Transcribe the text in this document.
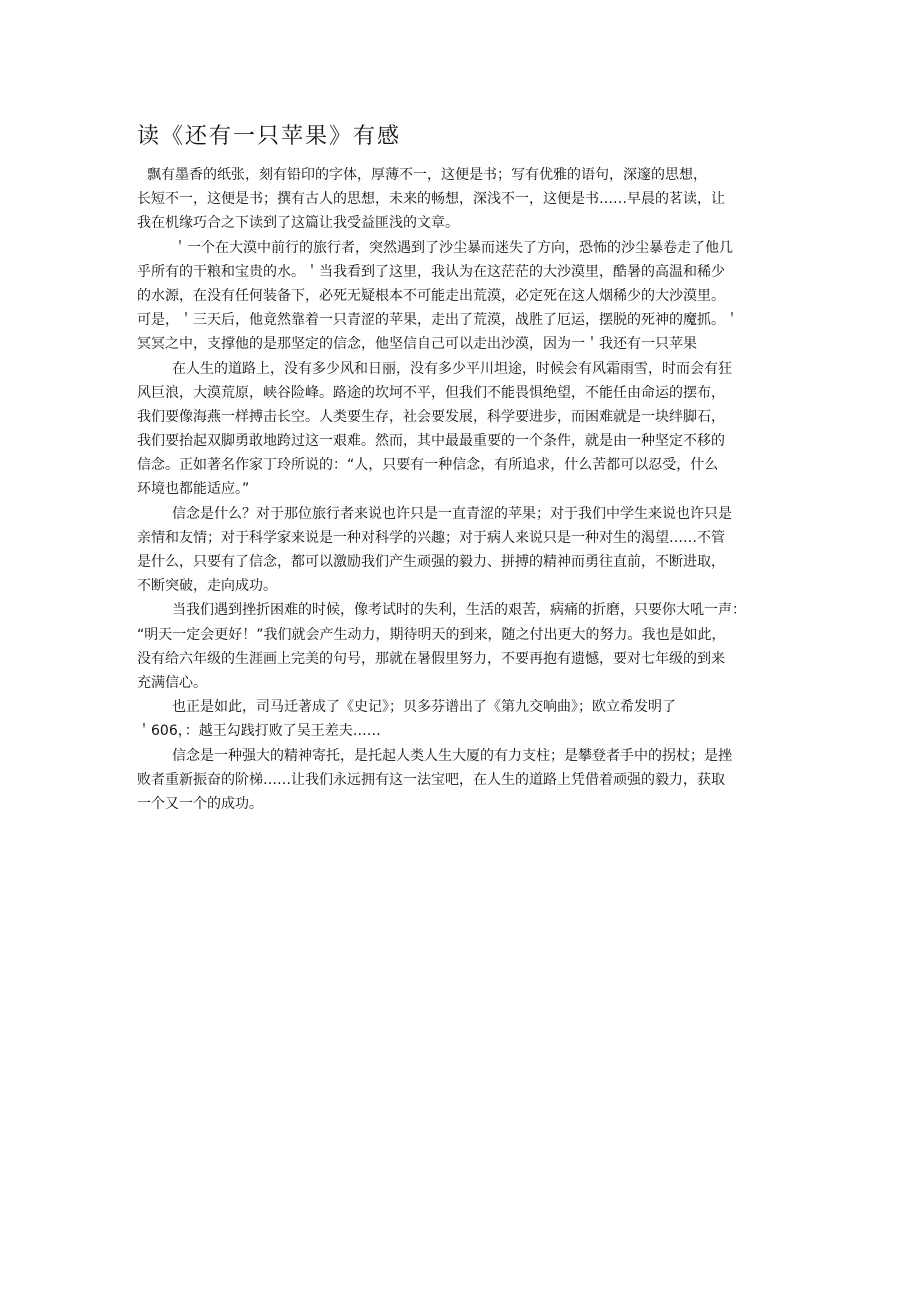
读《还有一只苹果》有感
飘有墨香的纸张，刻有铅印的字体，厚薄不一，这便是书；写有优雅的语句，深邃的思想，
长短不一，这便是书；撰有古人的思想，未来的畅想，深浅不一，这便是书……早晨的茗读，让
我在机缘巧合之下读到了这篇让我受益匪浅的文章。
＇一个在大漠中前行的旅行者，突然遇到了沙尘暴而迷失了方向，恐怖的沙尘暴卷走了他几
乎所有的干粮和宝贵的水。＇当我看到了这里，我认为在这茫茫的大沙漠里，酷暑的高温和稀少
的水源，在没有任何装备下，必死无疑根本不可能走出荒漠，必定死在这人烟稀少的大沙漠里。
可是，＇三天后，他竟然靠着一只青涩的苹果，走出了荒漠，战胜了厄运，摆脱的死神的魔抓。＇
冥冥之中，支撑他的是那坚定的信念，他坚信自己可以走出沙漠，因为一＇我还有一只苹果
在人生的道路上，没有多少风和日丽，没有多少平川坦途，时候会有风霜雨雪，时而会有狂
风巨浪，大漠荒原，峡谷险峰。路途的坎坷不平，但我们不能畏惧绝望，不能任由命运的摆布，
我们要像海燕一样搏击长空。人类要生存，社会要发展，科学要进步，而困难就是一块绊脚石，
我们要抬起双脚勇敢地跨过这一艰难。然而，其中最最重要的一个条件，就是由一种坚定不移的
信念。正如著名作家丁玲所说的：“人，只要有一种信念，有所追求，什么苦都可以忍受，什么
环境也都能适应。”
信念是什么？对于那位旅行者来说也许只是一直青涩的苹果；对于我们中学生来说也许只是
亲情和友情；对于科学家来说是一种对科学的兴趣；对于病人来说只是一种对生的渴望……不管
是什么，只要有了信念，都可以激励我们产生顽强的毅力、拼搏的精神而勇往直前，不断进取，
不断突破，走向成功。
当我们遇到挫折困难的时候，像考试时的失利，生活的艰苦，病痛的折磨，只要你大吼一声：
“明天一定会更好！”我们就会产生动力，期待明天的到来，随之付出更大的努力。我也是如此，
没有给六年级的生涯画上完美的句号，那就在暑假里努力，不要再抱有遗憾，要对七年级的到来
充满信心。
也正是如此，司马迁著成了《史记》；贝多芬谱出了《第九交响曲》；欧立希发明了
＇606，：越王勾践打败了吴王差夫……
信念是一种强大的精神寄托，是托起人类人生大厦的有力支柱；是攀登者手中的拐杖；是挫
败者重新振奋的阶梯……让我们永远拥有这一法宝吧，在人生的道路上凭借着顽强的毅力，获取
一个又一个的成功。
